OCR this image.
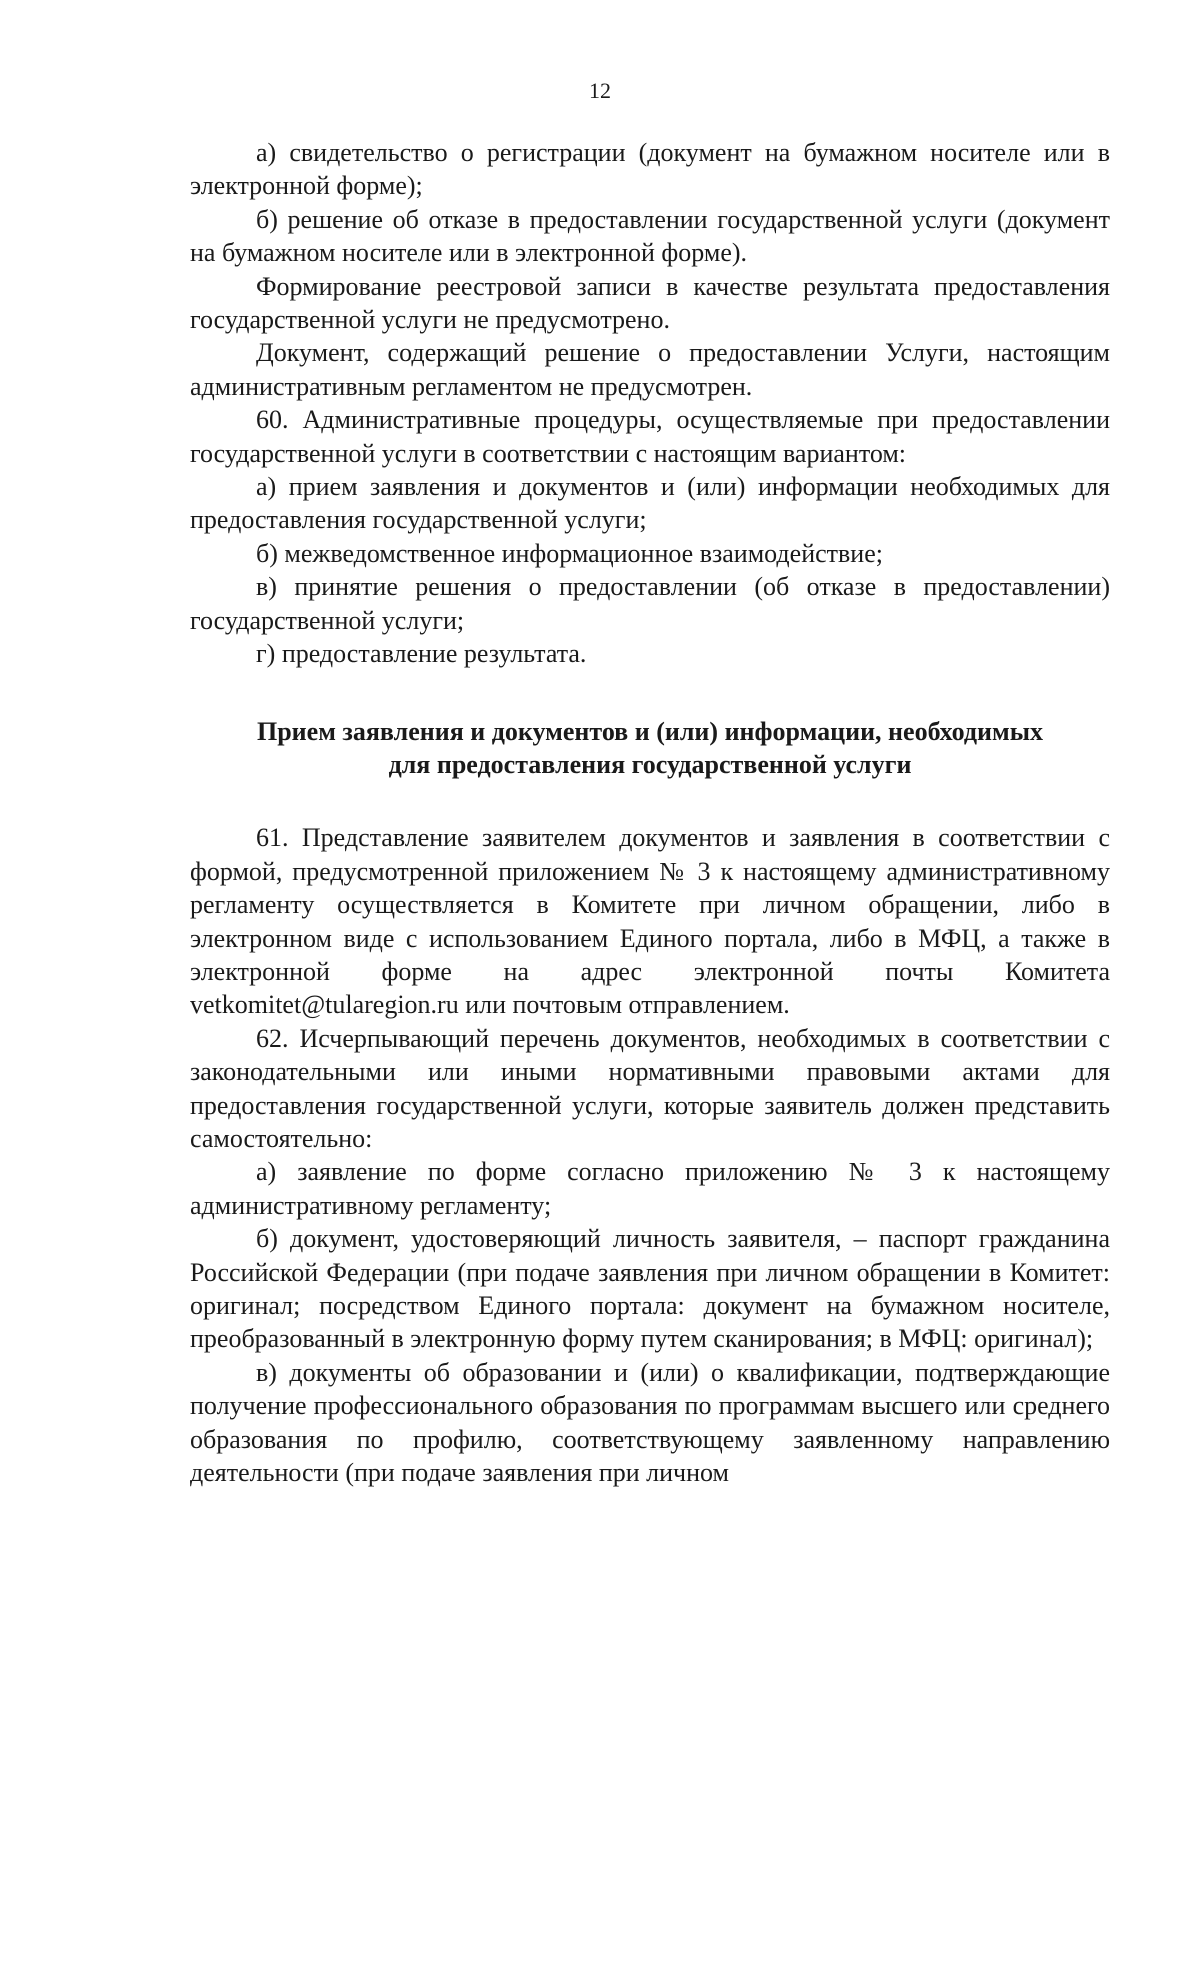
12

а) свидетельство о регистрации (документ на бумажном носителе или в электронной форме);

б) решение об отказе в предоставлении государственной услуги (документ на бумажном носителе или в электронной форме).

Формирование реестровой записи в качестве результата предоставления государственной услуги не предусмотрено.

Документ, содержащий решение о предоставлении Услуги, настоящим административным регламентом не предусмотрен.

60. Административные процедуры, осуществляемые при предоставлении государственной услуги в соответствии с настоящим вариантом:

а) прием заявления и документов и (или) информации необходимых для предоставления государственной услуги;

б) межведомственное информационное взаимодействие;

в) принятие решения о предоставлении (об отказе в предоставлении) государственной услуги;

г) предоставление результата.

Прием заявления и документов и (или) информации, необходимых
для предоставления государственной услуги

61. Представление заявителем документов и заявления в соответствии с формой, предусмотренной приложением № 3 к настоящему административному регламенту осуществляется в Комитете при личном обращении, либо в электронном виде с использованием Единого портала, либо в МФЦ, а также в электронной форме на адрес электронной почты Комитета vetkomitet@tularegion.ru или почтовым отправлением.

62. Исчерпывающий перечень документов, необходимых в соответствии с законодательными или иными нормативными правовыми актами для предоставления государственной услуги, которые заявитель должен представить самостоятельно:

а) заявление по форме согласно приложению № 3 к настоящему административному регламенту;

б) документ, удостоверяющий личность заявителя, – паспорт гражданина Российской Федерации (при подаче заявления при личном обращении в Комитет: оригинал; посредством Единого портала: документ на бумажном носителе, преобразованный в электронную форму путем сканирования; в МФЦ: оригинал);

в) документы об образовании и (или) о квалификации, подтверждающие получение профессионального образования по программам высшего или среднего образования по профилю, соответствующему заявленному направлению деятельности (при подаче заявления при личном
